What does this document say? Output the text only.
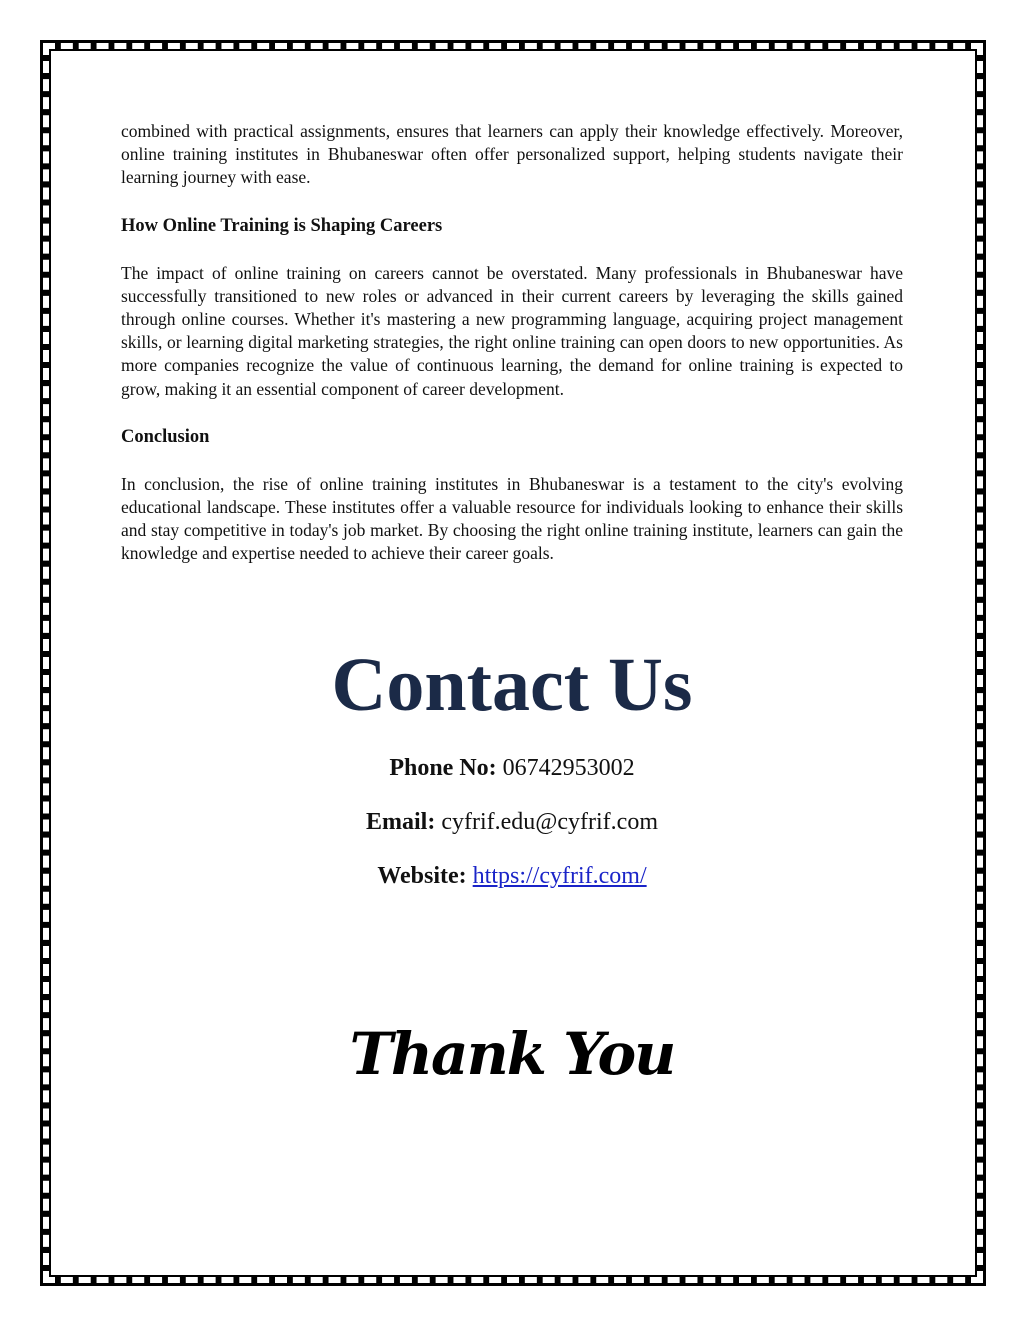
combined with practical assignments, ensures that learners can apply their knowledge effectively. Moreover, online training institutes in Bhubaneswar often offer personalized support, helping students navigate their learning journey with ease.

How Online Training is Shaping Careers

The impact of online training on careers cannot be overstated. Many professionals in Bhubaneswar have successfully transitioned to new roles or advanced in their current careers by leveraging the skills gained through online courses. Whether it's mastering a new programming language, acquiring project management skills, or learning digital marketing strategies, the right online training can open doors to new opportunities. As more companies recognize the value of continuous learning, the demand for online training is expected to grow, making it an essential component of career development.

Conclusion

In conclusion, the rise of online training institutes in Bhubaneswar is a testament to the city's evolving educational landscape. These institutes offer a valuable resource for individuals looking to enhance their skills and stay competitive in today's job market. By choosing the right online training institute, learners can gain the knowledge and expertise needed to achieve their career goals.

Contact Us
Phone No: 06742953002
Email: cyfrif.edu@cyfrif.com
Website: https://cyfrif.com/
Thank You
